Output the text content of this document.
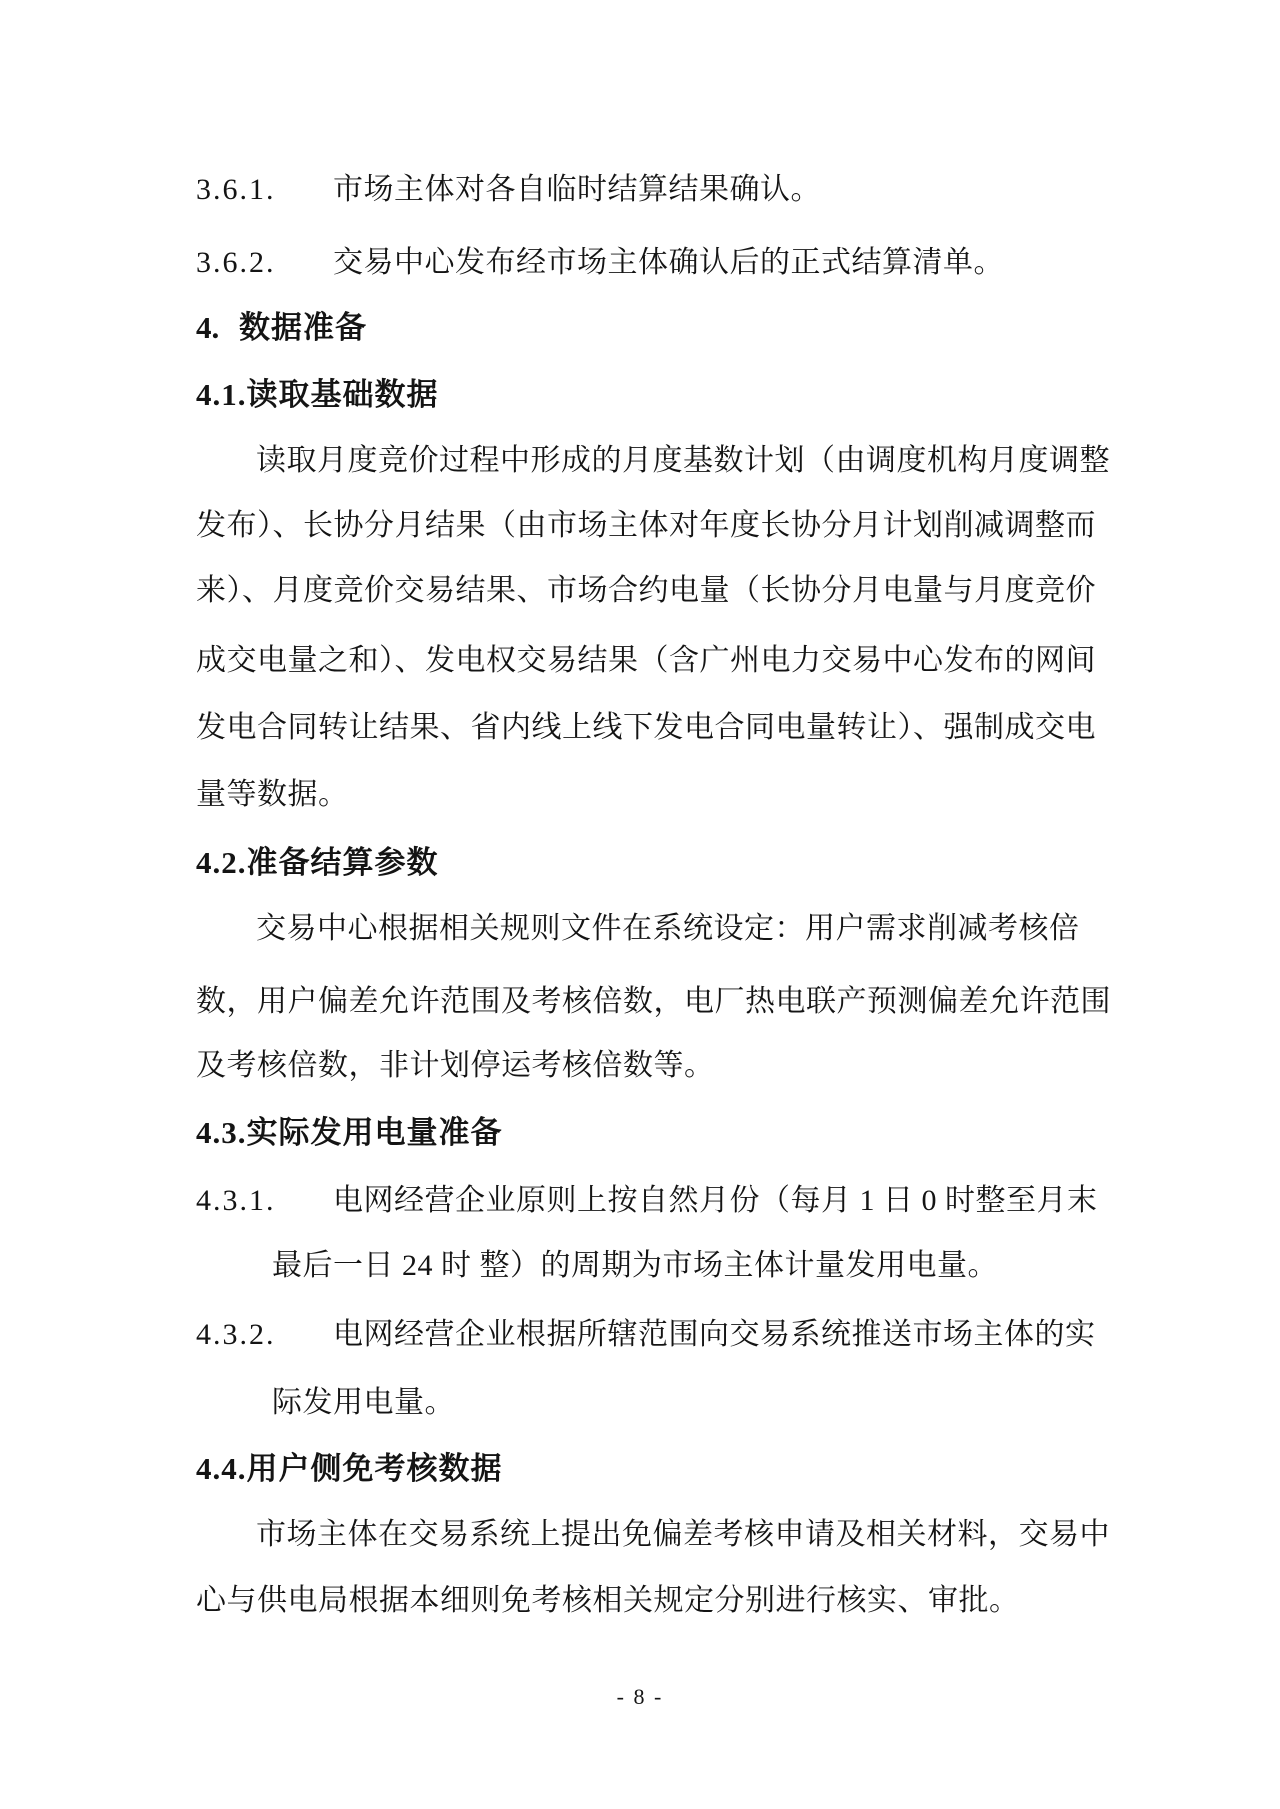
3.6.1. 市场主体对各自临时结算结果确认。
3.6.2. 交易中心发布经市场主体确认后的正式结算清单。
4. 数据准备
4.1.读取基础数据
读取月度竞价过程中形成的月度基数计划（由调度机构月度调整
发布）、长协分月结果（由市场主体对年度长协分月计划削减调整而
来）、月度竞价交易结果、市场合约电量（长协分月电量与月度竞价
成交电量之和）、发电权交易结果（含广州电力交易中心发布的网间
发电合同转让结果、省内线上线下发电合同电量转让）、强制成交电
量等数据。
4.2.准备结算参数
交易中心根据相关规则文件在系统设定：用户需求削减考核倍
数，用户偏差允许范围及考核倍数，电厂热电联产预测偏差允许范围
及考核倍数，非计划停运考核倍数等。
4.3.实际发用电量准备
4.3.1. 电网经营企业原则上按自然月份（每月 1 日 0 时整至月末
最后一日 24 时 整）的周期为市场主体计量发用电量。
4.3.2. 电网经营企业根据所辖范围向交易系统推送市场主体的实
际发用电量。
4.4.用户侧免考核数据
市场主体在交易系统上提出免偏差考核申请及相关材料，交易中
心与供电局根据本细则免考核相关规定分别进行核实、审批。
- 8 -
